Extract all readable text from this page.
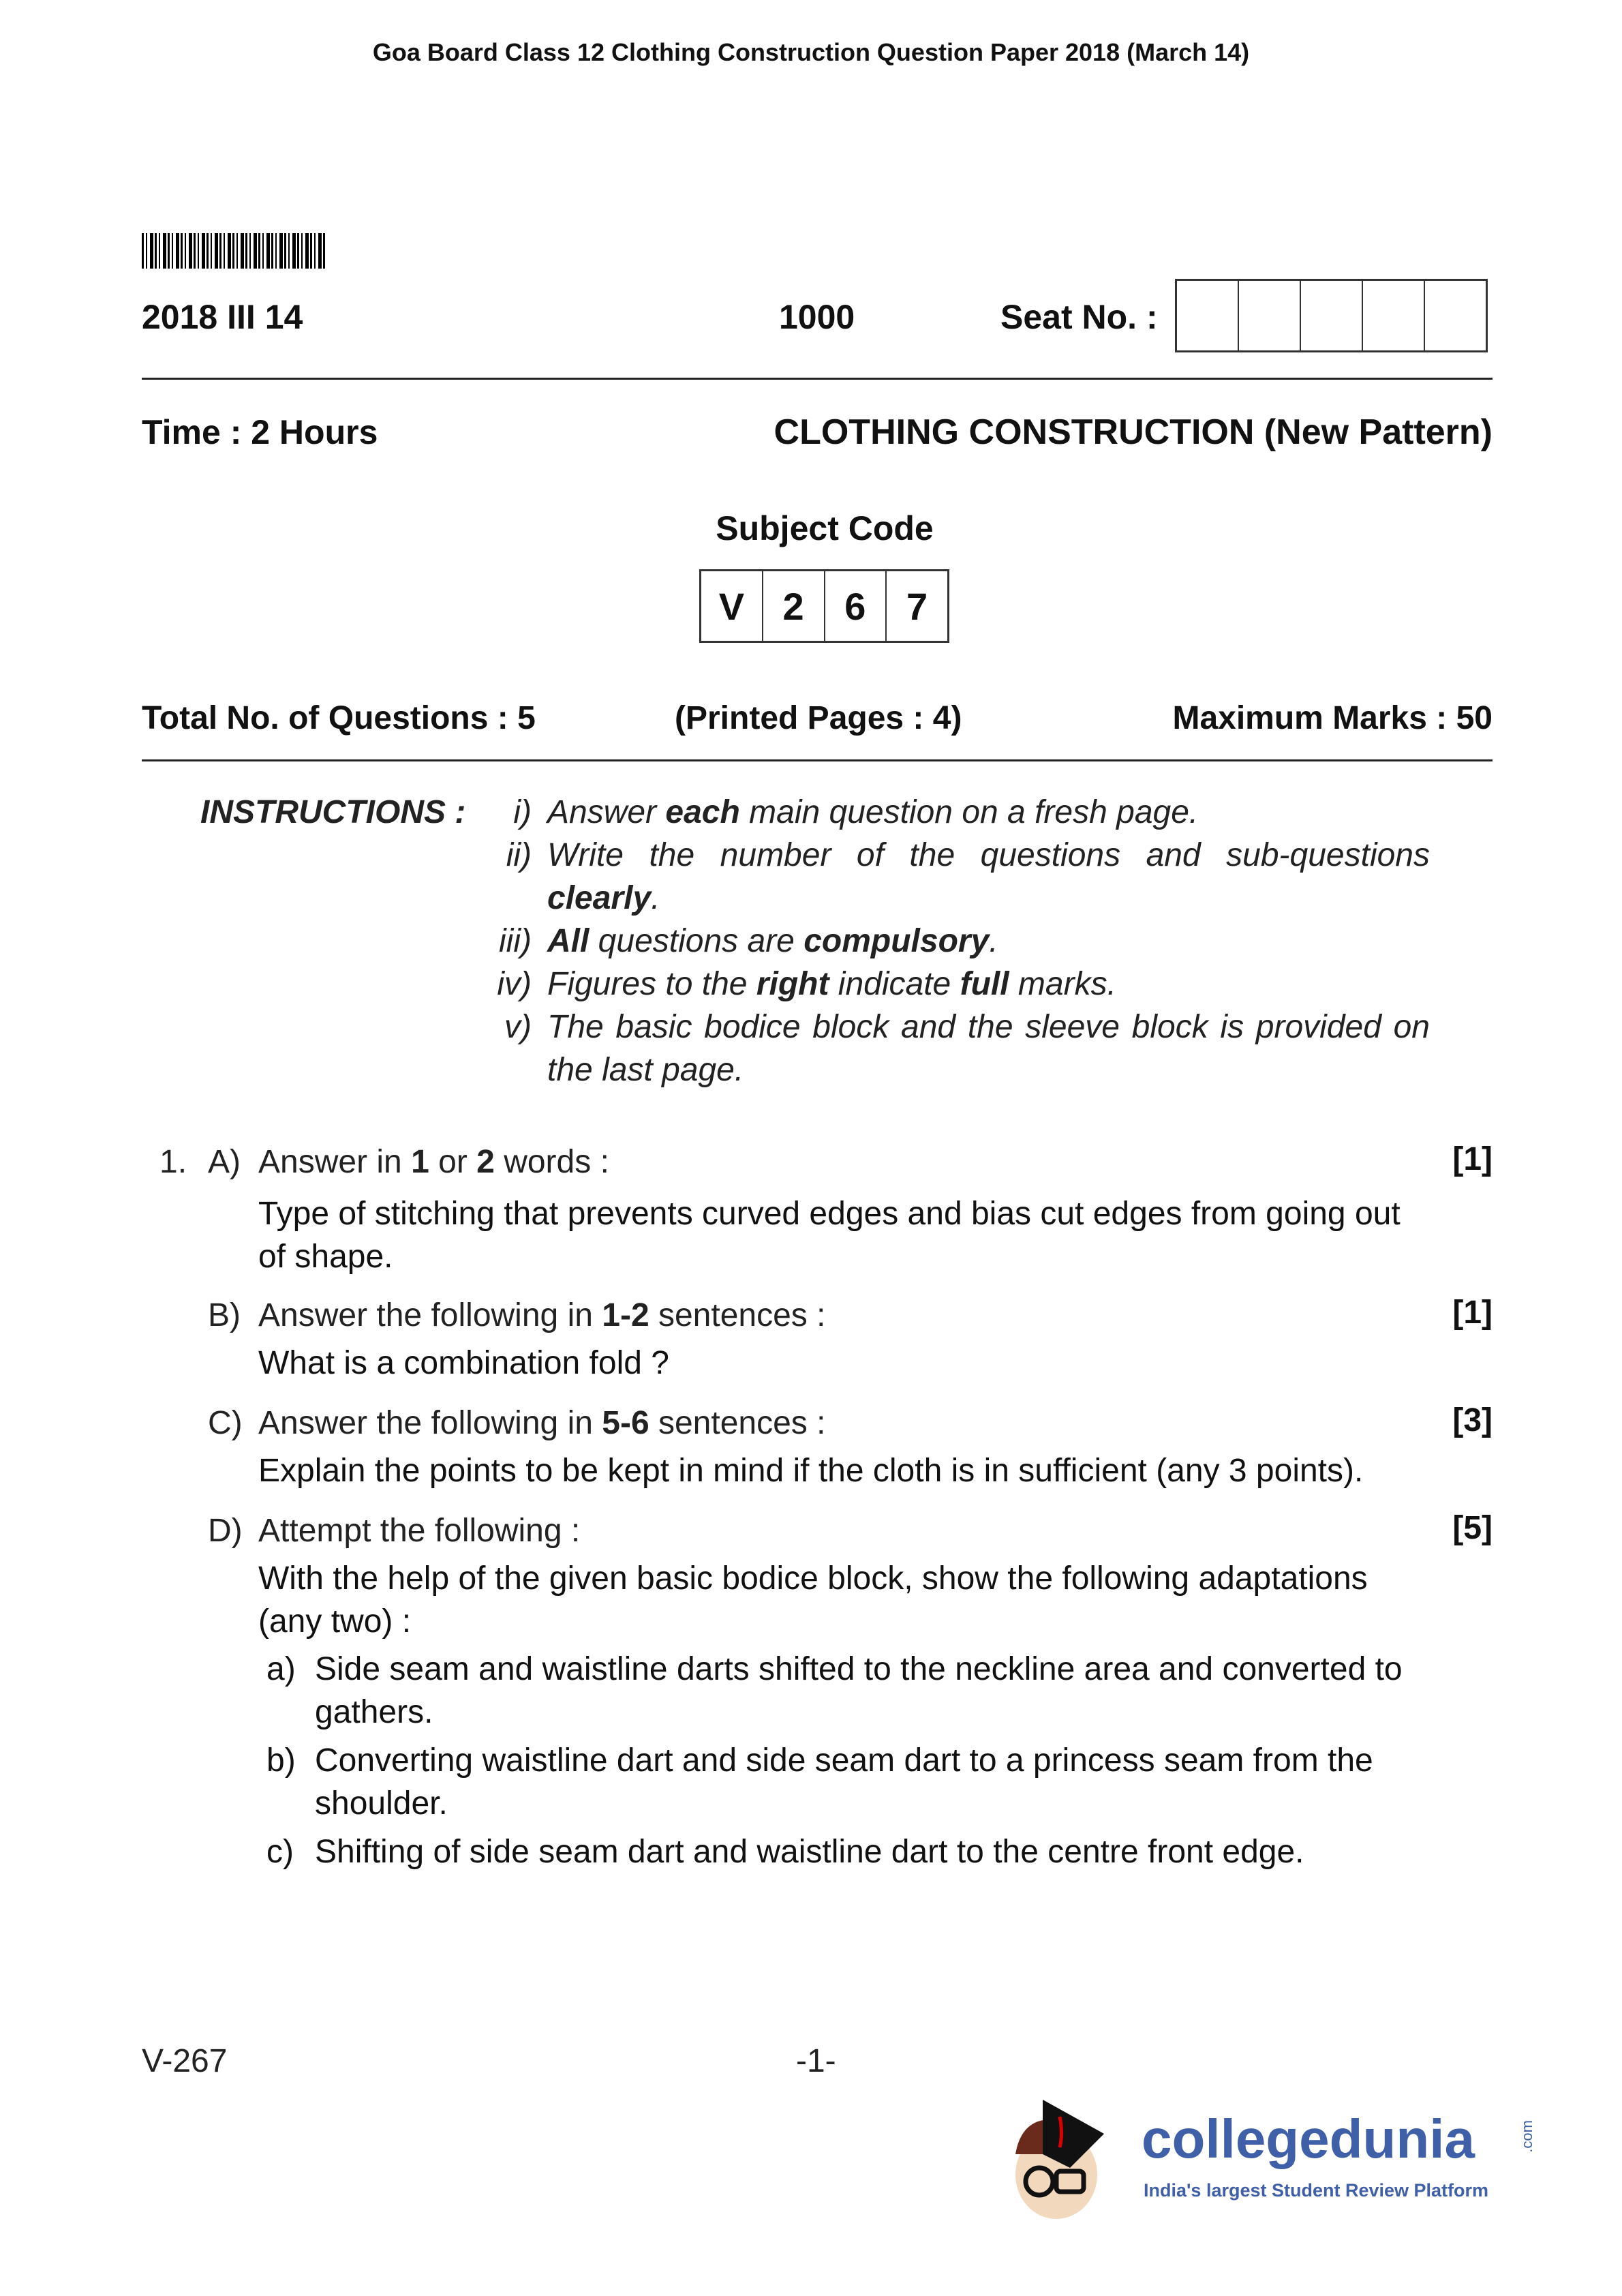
Goa Board Class 12 Clothing Construction Question Paper 2018 (March 14)
2018 III 14	1000	Seat No. :
Time : 2 Hours	CLOTHING CONSTRUCTION (New Pattern)
Subject Code
V	2	6	7
Total No. of Questions : 5	(Printed Pages : 4)	Maximum Marks : 50
INSTRUCTIONS :	i) Answer each main question on a fresh page.
ii) Write the number of the questions and sub-questions clearly.
iii) All questions are compulsory.
iv) Figures to the right indicate full marks.
v) The basic bodice block and the sleeve block is provided on the last page.
1. A) Answer in 1 or 2 words :	[1]
Type of stitching that prevents curved edges and bias cut edges from going out of shape.
B) Answer the following in 1-2 sentences :	[1]
What is a combination fold ?
C) Answer the following in 5-6 sentences :	[3]
Explain the points to be kept in mind if the cloth is in sufficient (any 3 points).
D) Attempt the following :	[5]
With the help of the given basic bodice block, show the following adaptations (any two) :
a) Side seam and waistline darts shifted to the neckline area and converted to gathers.
b) Converting waistline dart and side seam dart to a princess seam from the shoulder.
c) Shifting of side seam dart and waistline dart to the centre front edge.
V-267	-1-
collegedunia	.com
India's largest Student Review Platform
